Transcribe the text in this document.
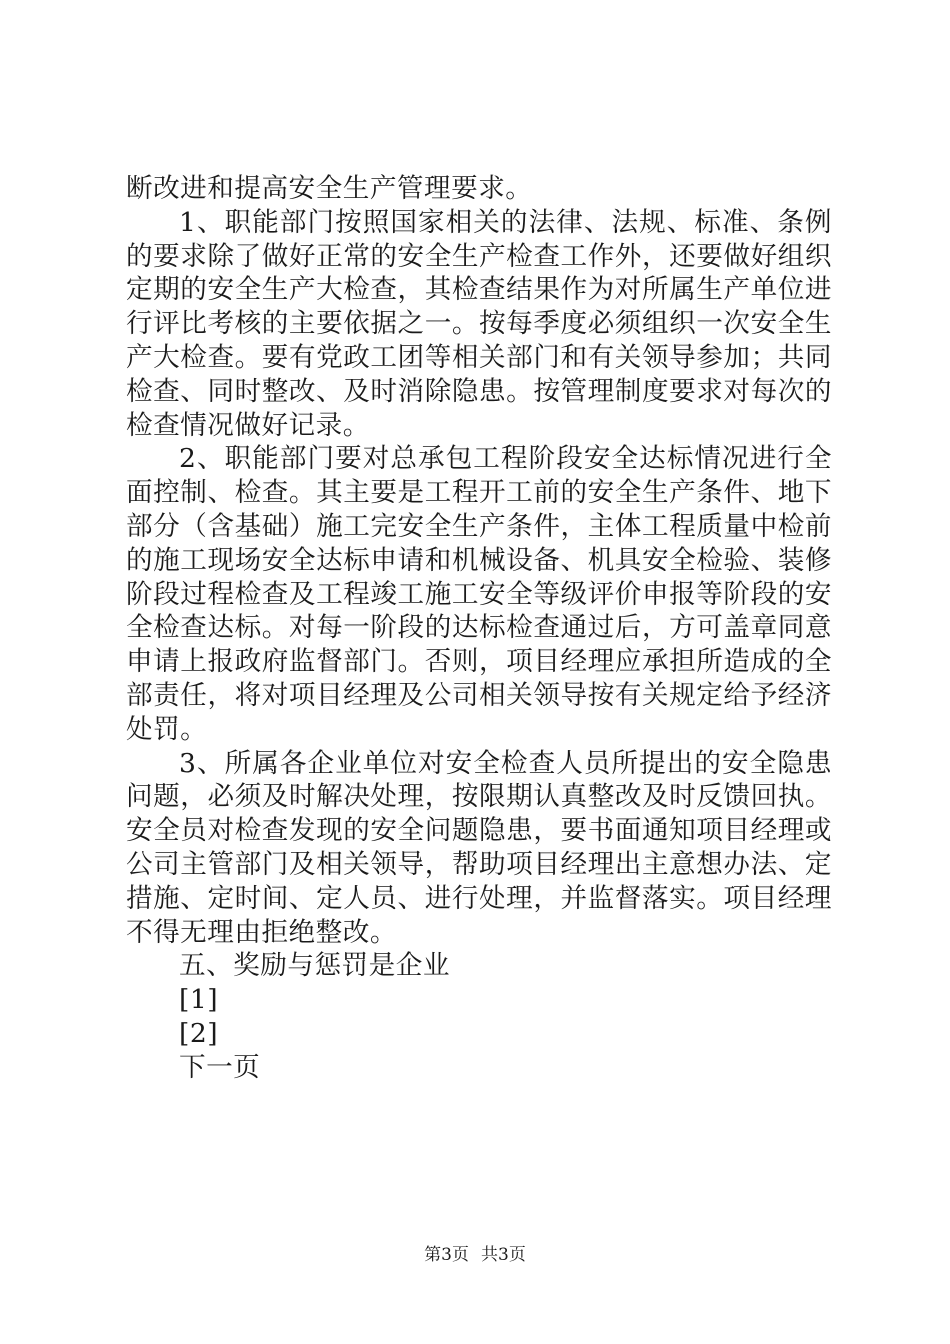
断改进和提高安全生产管理要求。

1、职能部门按照国家相关的法律、法规、标准、条例的要求除了做好正常的安全生产检查工作外，还要做好组织定期的安全生产大检查，其检查结果作为对所属生产单位进行评比考核的主要依据之一。按每季度必须组织一次安全生产大检查。要有党政工团等相关部门和有关领导参加；共同检查、同时整改、及时消除隐患。按管理制度要求对每次的检查情况做好记录。

2、职能部门要对总承包工程阶段安全达标情况进行全面控制、检查。其主要是工程开工前的安全生产条件、地下部分（含基础）施工完安全生产条件，主体工程质量中检前的施工现场安全达标申请和机械设备、机具安全检验、装修阶段过程检查及工程竣工施工安全等级评价申报等阶段的安全检查达标。对每一阶段的达标检查通过后，方可盖章同意申请上报政府监督部门。否则，项目经理应承担所造成的全部责任，将对项目经理及公司相关领导按有关规定给予经济处罚。

3、所属各企业单位对安全检查人员所提出的安全隐患问题，必须及时解决处理，按限期认真整改及时反馈回执。安全员对检查发现的安全问题隐患，要书面通知项目经理或公司主管部门及相关领导，帮助项目经理出主意想办法、定措施、定时间、定人员、进行处理，并监督落实。项目经理不得无理由拒绝整改。

五、奖励与惩罚是企业

[1]

[2]

下一页

第3页 共3页
